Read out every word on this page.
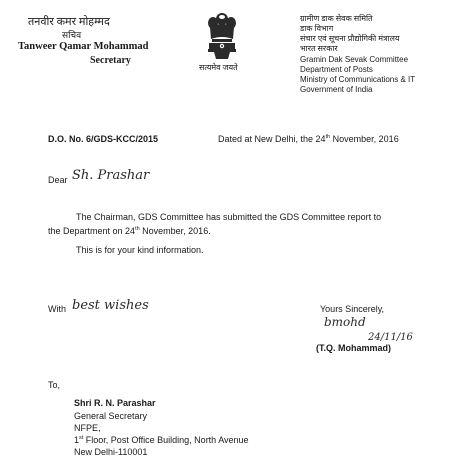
तनवीर कमर मोहम्मद
सचिव
Tanweer Qamar Mohammad
Secretary
सत्यमेव जयते
ग्रामीण डाक सेवक समिति
डाक विभाग
संचार एवं सूचना प्रौद्योगिकी मंत्रालय
भारत सरकार
Gramin Dak Sevak Committee
Department of Posts
Ministry of Communications & IT
Government of India
D.O. No. 6/GDS-KCC/2015	Dated at New Delhi, the 24th November, 2016
Dear Sh. Prashar
The Chairman, GDS Committee has submitted the GDS Committee report to
the Department on 24th November, 2016.
This is for your kind information.
With best wishes	Yours Sincerely,
bmohd
24/11/16
(T.Q. Mohammad)
To,
Shri R. N. Parashar
General Secretary
NFPE,
1st Floor, Post Office Building, North Avenue
New Delhi-110001
